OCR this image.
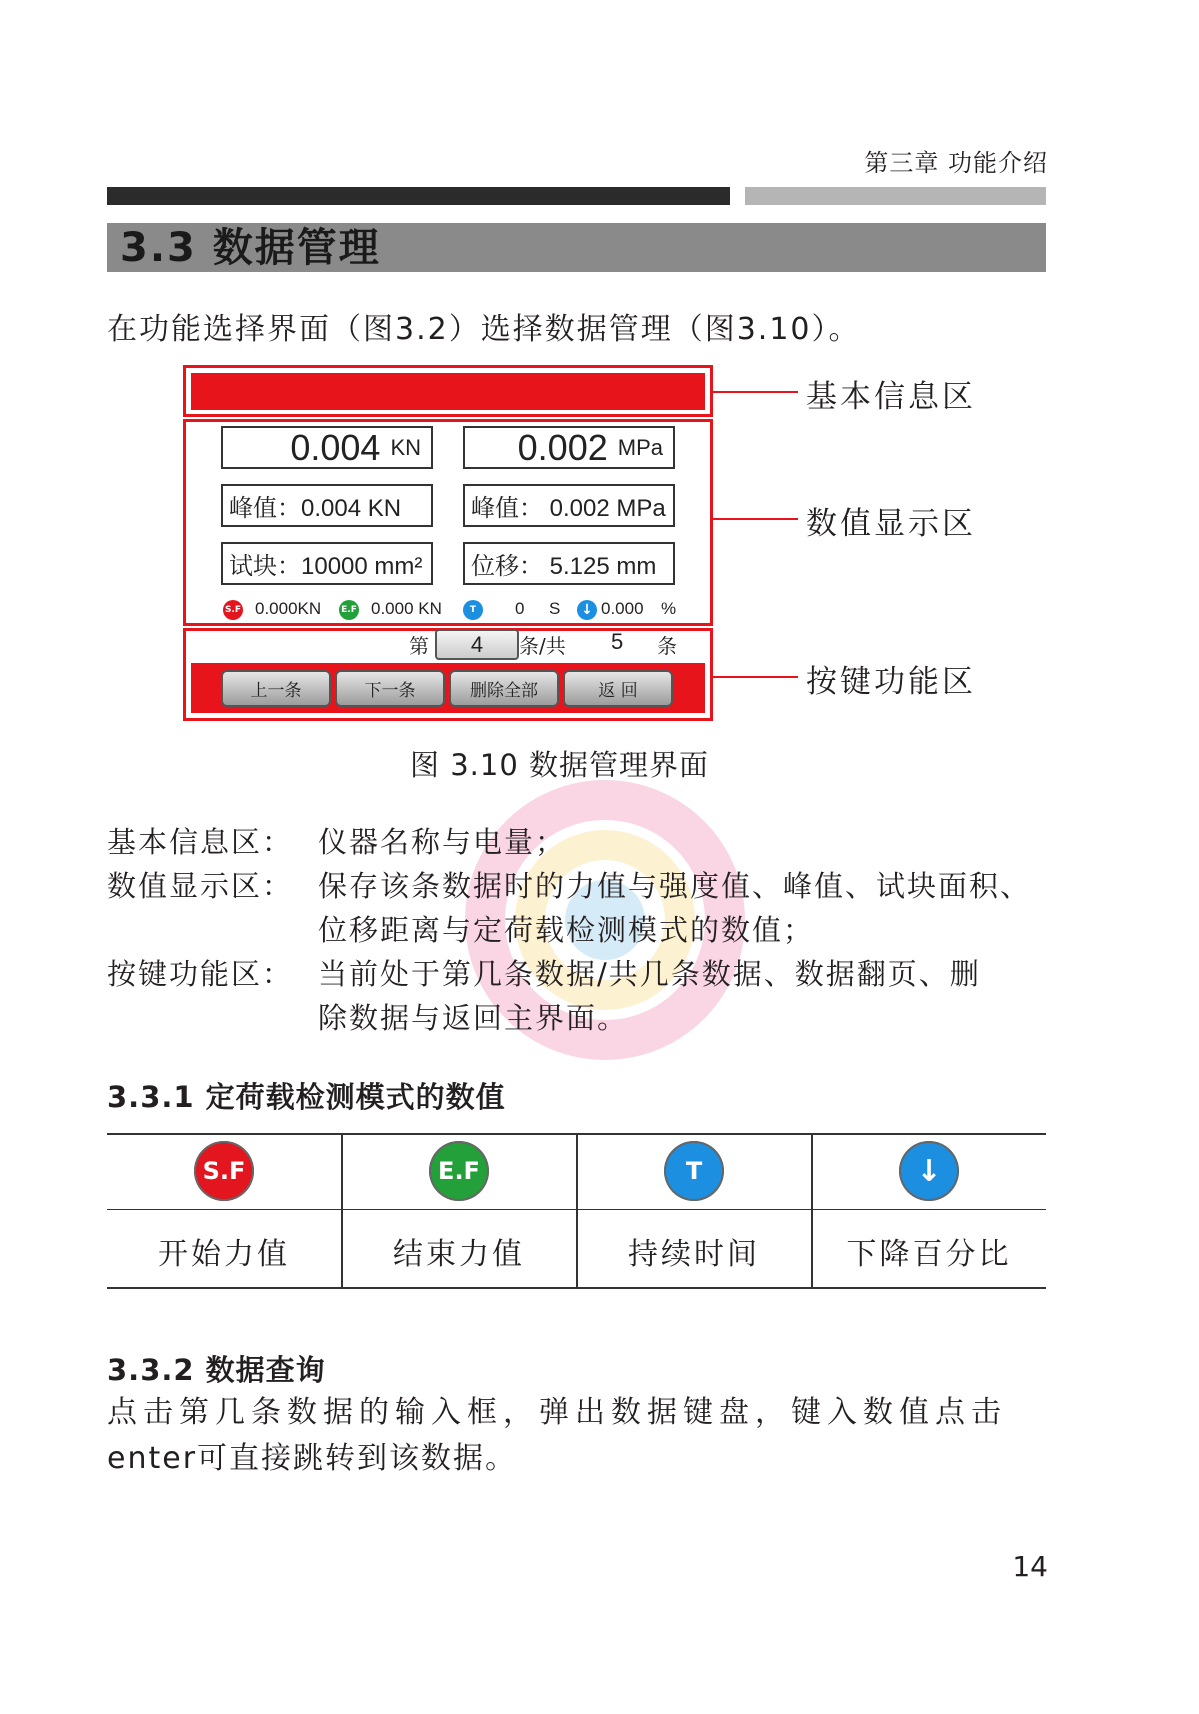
第三章 功能介绍
3.3 数据管理
在功能选择界面（图3.2）选择数据管理（图3.10）。
0.004 KN	0.002 MPa
峰值：0.004 KN	峰值： 0.002 MPa
试块：10000 mm²	位移： 5.125 mm
S.F 0.000KN E.F 0.000 KN	T	0 S ↓ 0.000 %
第	4	条/共 5 条
上一条	下一条	删除全部	返 回
基本信息区
数值显示区
按键功能区
图 3.10 数据管理界面
基本信息区： 仪器名称与电量；
数值显示区： 保存该条数据时的力值与强度值、峰值、试块面积、
位移距离与定荷载检测模式的数值；
按键功能区： 当前处于第几条数据/共几条数据、数据翻页、删
除数据与返回主界面。
3.3.1 定荷载检测模式的数值
S.F	E.F	T	↓
开始力值	结束力值	持续时间	下降百分比
3.3.2 数据查询
点击第几条数据的输入框，弹出数据键盘，键入数值点击
enter可直接跳转到该数据。
14
